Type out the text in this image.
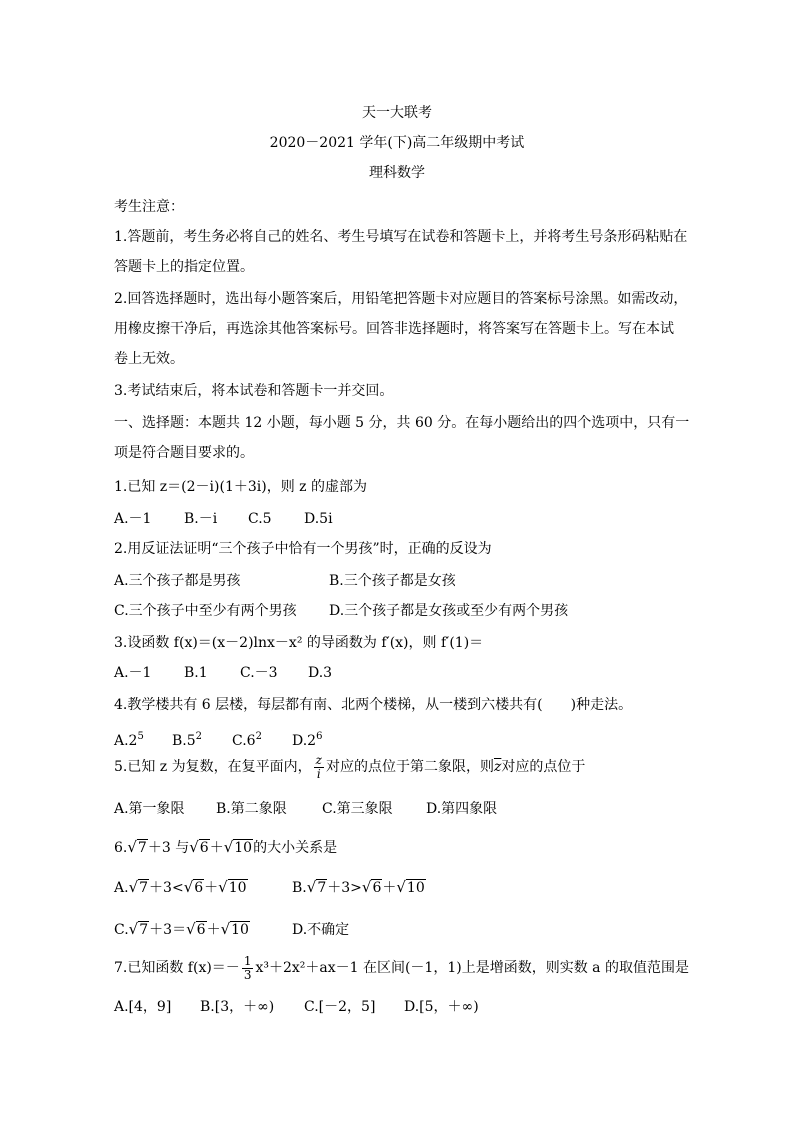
天一大联考
2020－2021 学年(下)高二年级期中考试
理科数学
考生注意：
1.答题前，考生务必将自己的姓名、考生号填写在试卷和答题卡上，并将考生号条形码粘贴在
答题卡上的指定位置。
2.回答选择题时，选出每小题答案后，用铅笔把答题卡对应题目的答案标号涂黑。如需改动，
用橡皮擦干净后，再选涂其他答案标号。回答非选择题时，将答案写在答题卡上。写在本试
卷上无效。
3.考试结束后，将本试卷和答题卡一并交回。
一、选择题：本题共 12 小题，每小题 5 分，共 60 分。在每小题给出的四个选项中，只有一
项是符合题目要求的。
1.已知 z＝(2－i)(1＋3i)，则 z 的虚部为
A.－1 B.－i C.5 D.5i
2.用反证法证明“三个孩子中恰有一个男孩”时，正确的反设为
A.三个孩子都是男孩	B.三个孩子都是女孩
C.三个孩子中至少有两个男孩 D.三个孩子都是女孩或至少有两个男孩
3.设函数 f(x)＝(x－2)lnx－x² 的导函数为 f′(x)，则 f′(1)＝
A.－1 B.1 C.－3 D.3
4.教学楼共有 6 层楼，每层都有南、北两个楼梯，从一楼到六楼共有(　　)种走法。
$A.2^5$ $B.5^2$ $C.6^2$ $D.2^6$
5.已知 z 为复数，在复平面内， $\frac{z}{i}$ 对应的点位于第二象限，则$\overline{z}$对应的点位于
A.第一象限 B.第二象限	C.第三象限 D.第四象限
6.√7＋3 与√6＋√10的大小关系是
A.√7＋3<√6＋√10	B.√7＋3>√6＋√10
C.√7＋3＝√6＋√10	D.不确定
7.已知函数 $f(x)=- \frac{1}{3} x^3+2x^2+ax-1$ 在区间(－1，1)上是增函数，则实数 a 的取值范围是
A.[4，9] B.[3，＋∞) C.[－2，5] D.[5，＋∞)
